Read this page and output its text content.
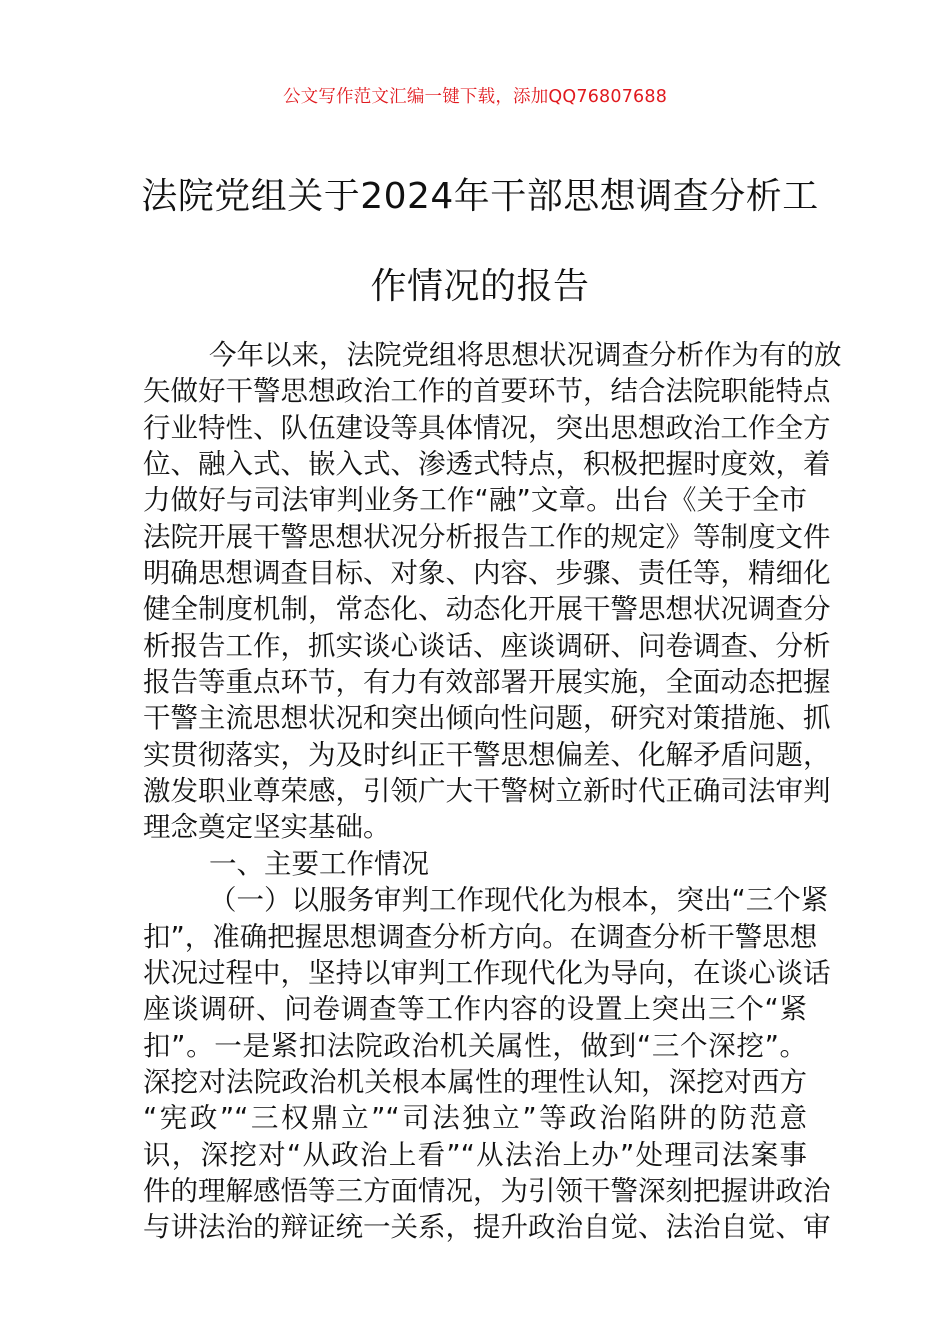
公文写作范文汇编一键下载，添加QQ76807688
法院党组关于2024年干部思想调查分析工
作情况的报告
今年以来，法院党组将思想状况调查分析作为有的放
矢做好干警思想政治工作的首要环节，结合法院职能特点
行业特性、队伍建设等具体情况，突出思想政治工作全方
位、融入式、嵌入式、渗透式特点，积极把握时度效，着
力做好与司法审判业务工作“融”文章。出台《关于全市
法院开展干警思想状况分析报告工作的规定》等制度文件
明确思想调查目标、对象、内容、步骤、责任等，精细化
健全制度机制，常态化、动态化开展干警思想状况调查分
析报告工作，抓实谈心谈话、座谈调研、问卷调查、分析
报告等重点环节，有力有效部署开展实施，全面动态把握
干警主流思想状况和突出倾向性问题，研究对策措施、抓
实贯彻落实，为及时纠正干警思想偏差、化解矛盾问题，
激发职业尊荣感，引领广大干警树立新时代正确司法审判
理念奠定坚实基础。
一、主要工作情况
（一）以服务审判工作现代化为根本，突出“三个紧
扣”，准确把握思想调查分析方向。在调查分析干警思想
状况过程中，坚持以审判工作现代化为导向，在谈心谈话
座谈调研、问卷调查等工作内容的设置上突出三个“紧
扣”。一是紧扣法院政治机关属性，做到“三个深挖”。
深挖对法院政治机关根本属性的理性认知，深挖对西方
“宪政”“三权鼎立”“司法独立”等政治陷阱的防范意
识，深挖对“从政治上看”“从法治上办”处理司法案事
件的理解感悟等三方面情况，为引领干警深刻把握讲政治
与讲法治的辩证统一关系，提升政治自觉、法治自觉、审
